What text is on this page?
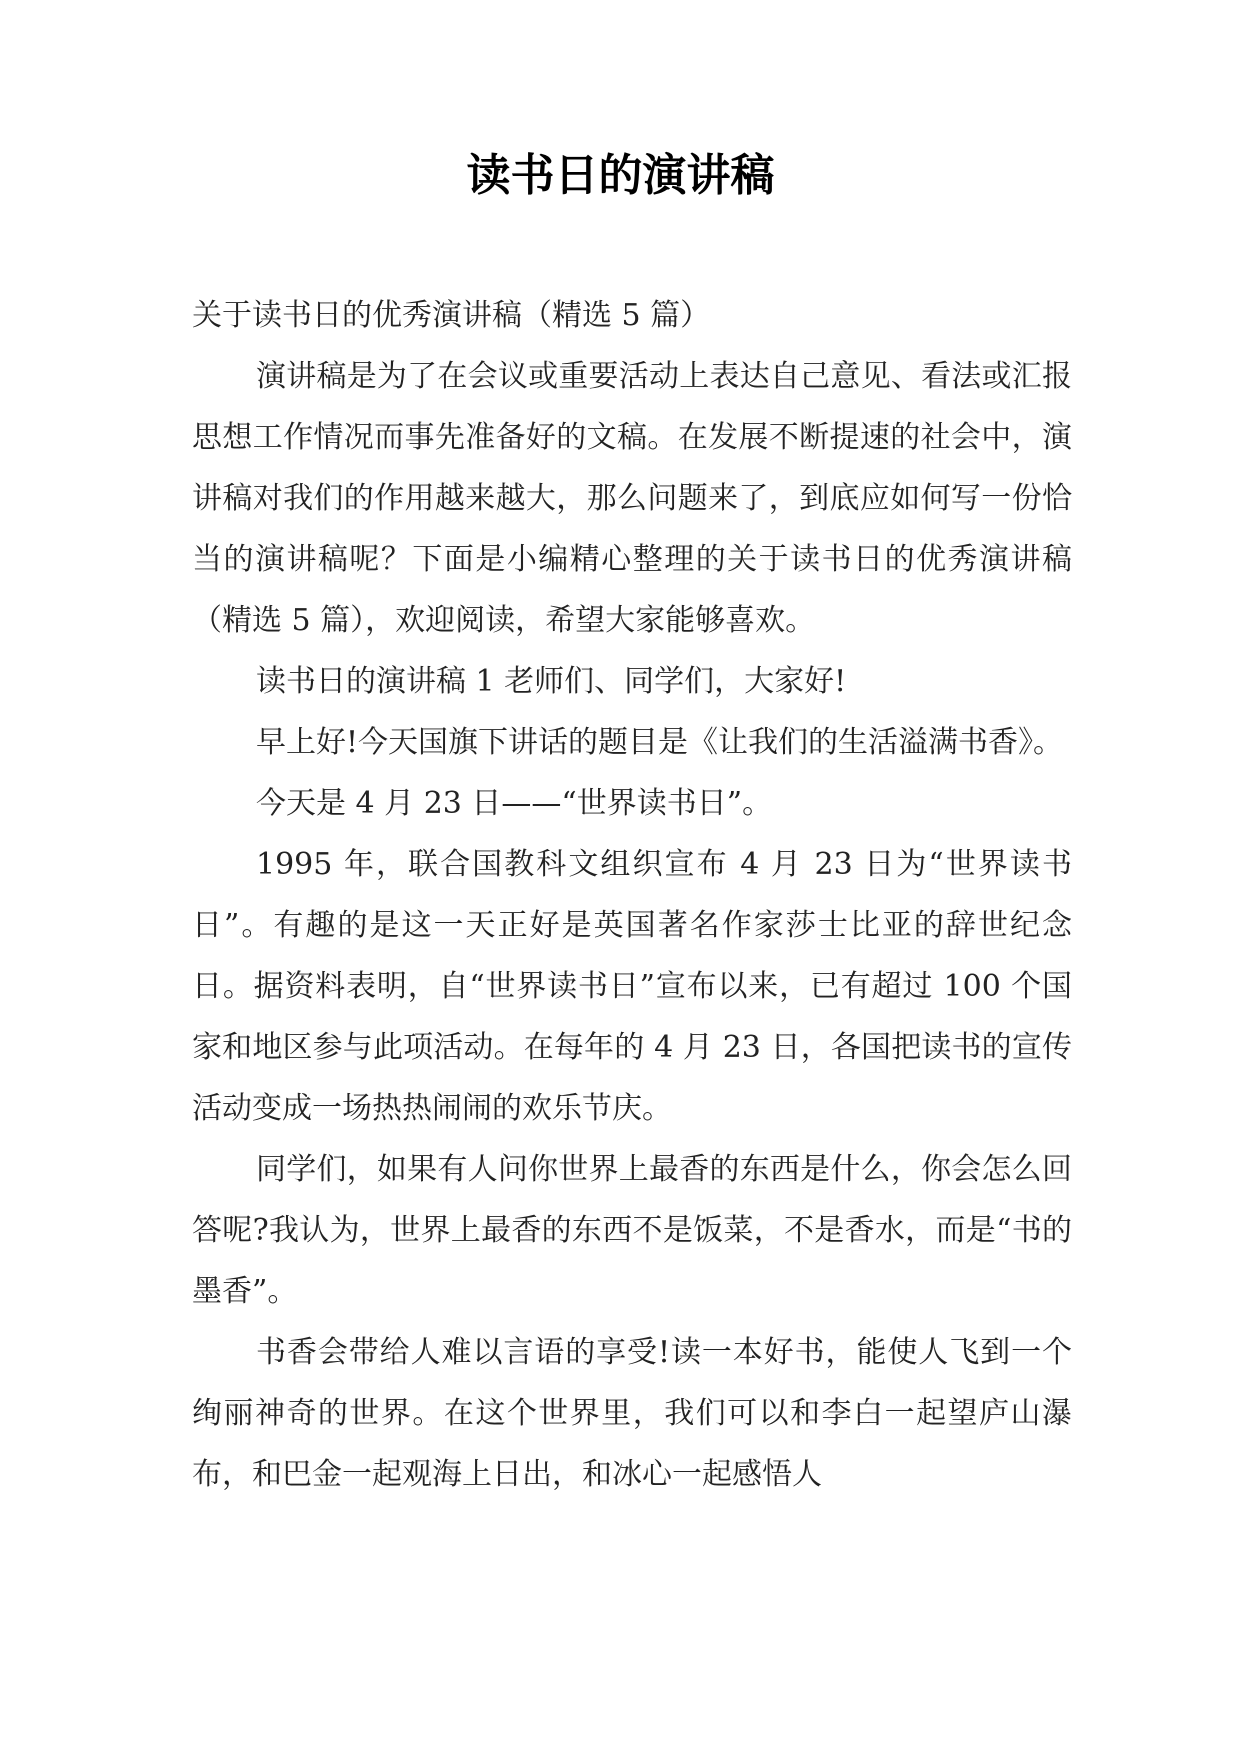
读书日的演讲稿

关于读书日的优秀演讲稿（精选 5 篇）

演讲稿是为了在会议或重要活动上表达自己意见、看法或汇报思想工作情况而事先准备好的文稿。在发展不断提速的社会中，演讲稿对我们的作用越来越大，那么问题来了，到底应如何写一份恰当的演讲稿呢？下面是小编精心整理的关于读书日的优秀演讲稿（精选 5 篇），欢迎阅读，希望大家能够喜欢。

读书日的演讲稿 1 老师们、同学们，大家好!

早上好!今天国旗下讲话的题目是《让我们的生活溢满书香》。

今天是 4 月 23 日——“世界读书日”。

1995 年，联合国教科文组织宣布 4 月 23 日为“世界读书日”。有趣的是这一天正好是英国著名作家莎士比亚的辞世纪念日。据资料表明，自“世界读书日”宣布以来，已有超过 100 个国家和地区参与此项活动。在每年的 4 月 23 日，各国把读书的宣传活动变成一场热热闹闹的欢乐节庆。

同学们，如果有人问你世界上最香的东西是什么，你会怎么回答呢?我认为，世界上最香的东西不是饭菜，不是香水，而是“书的墨香”。

书香会带给人难以言语的享受!读一本好书，能使人飞到一个绚丽神奇的世界。在这个世界里，我们可以和李白一起望庐山瀑布，和巴金一起观海上日出，和冰心一起感悟人
